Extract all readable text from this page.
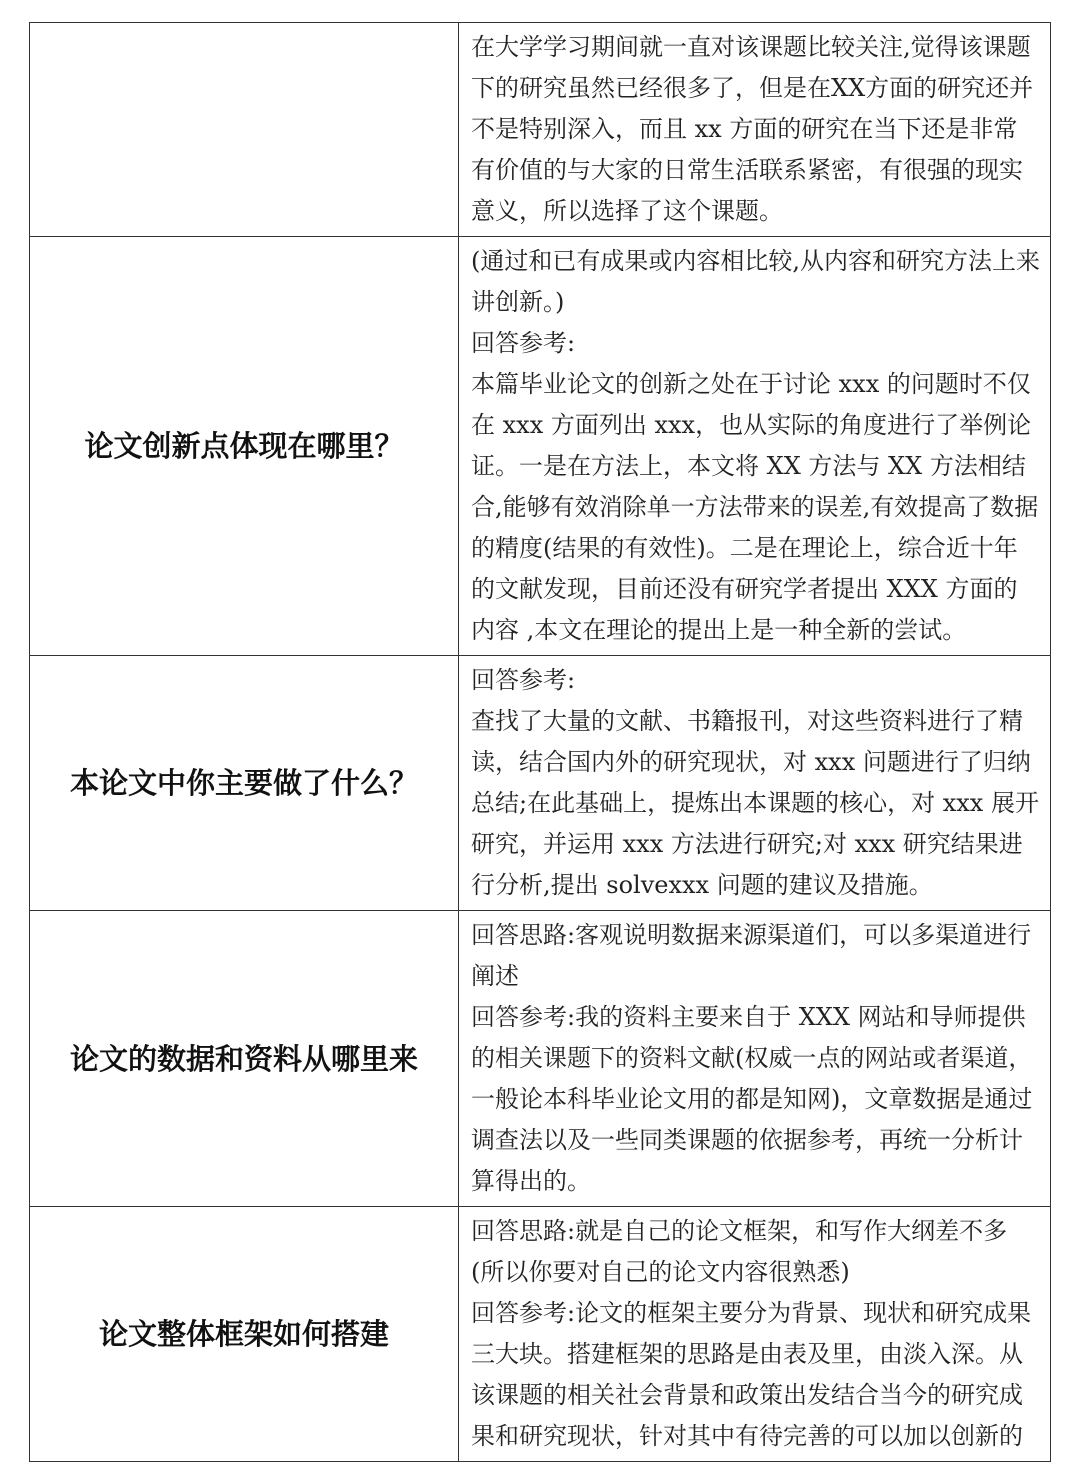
	在大学学习期间就一直对该课题比较关注,觉得该课题下的研究虽然已经很多了，但是在XX方面的研究还并不是特别深入，而且 xx 方面的研究在当下还是非常有价值的与大家的日常生活联系紧密，有很强的现实意义，所以选择了这个课题。

论文创新点体现在哪里？	(通过和已有成果或内容相比较,从内容和研究方法上来讲创新。)

回答参考:

本篇毕业论文的创新之处在于讨论 xxx 的问题时不仅在 xxx 方面列出 xxx，也从实际的角度进行了举例论证。一是在方法上，本文将 XX 方法与 XX 方法相结合,能够有效消除单一方法带来的误差,有效提高了数据的精度(结果的有效性)。二是在理论上，综合近十年的文献发现，目前还没有研究学者提出 XXX 方面的内容 ,本文在理论的提出上是一种全新的尝试。

本论文中你主要做了什么？	回答参考:

查找了大量的文献、书籍报刊，对这些资料进行了精读，结合国内外的研究现状，对 xxx 问题进行了归纳总结;在此基础上，提炼出本课题的核心，对 xxx 展开研究，并运用 xxx 方法进行研究;对 xxx 研究结果进行分析,提出 solvexxx 问题的建议及措施。

论文的数据和资料从哪里来	回答思路:客观说明数据来源渠道们，可以多渠道进行阐述

回答参考:我的资料主要来自于 XXX 网站和导师提供的相关课题下的资料文献(权威一点的网站或者渠道，一般论本科毕业论文用的都是知网)，文章数据是通过调查法以及一些同类课题的依据参考，再统一分析计算得出的。

论文整体框架如何搭建	回答思路:就是自己的论文框架，和写作大纲差不多(所以你要对自己的论文内容很熟悉)

回答参考:论文的框架主要分为背景、现状和研究成果三大块。搭建框架的思路是由表及里，由淡入深。从该课题的相关社会背景和政策出发结合当今的研究成果和研究现状，针对其中有待完善的可以加以创新的
